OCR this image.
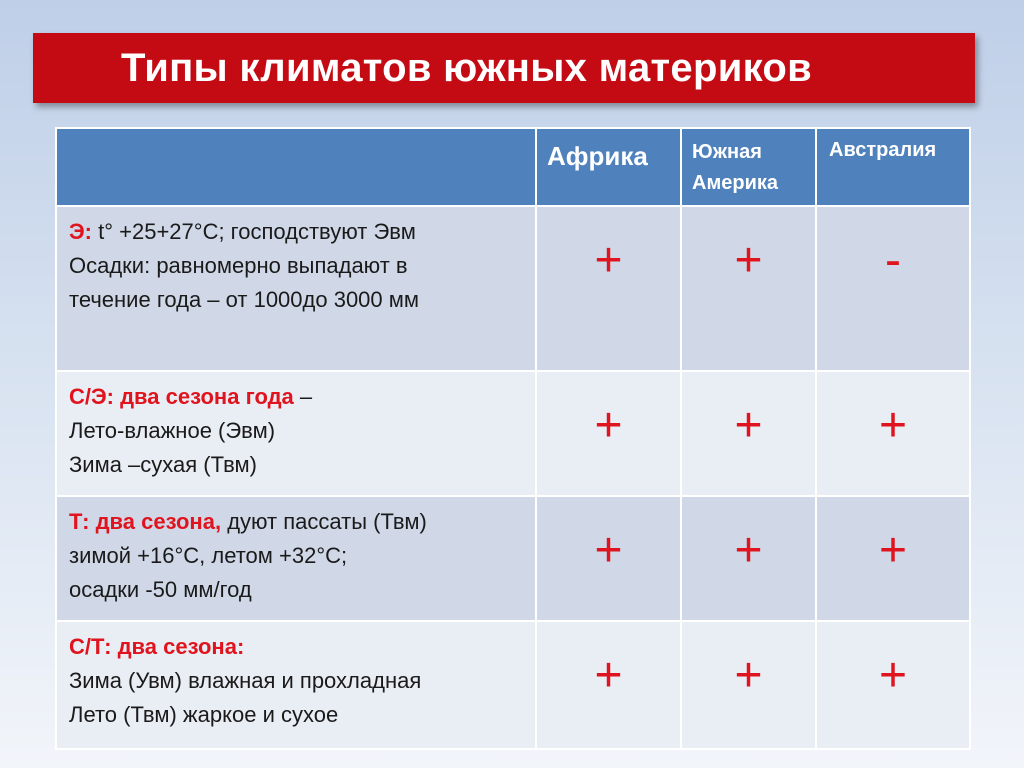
Типы климатов южных материков
	Африка	Южная
Америка	Австралия
Э: t° +25+27°С; господствуют Эвм
Осадки: равномерно выпадают в
течение года – от 1000до 3000 мм	+	+	-
С/Э: два сезона года –
Лето-влажное (Эвм)
Зима –сухая (Твм)	+	+	+
Т: два сезона, дуют пассаты (Твм)
зимой +16°С, летом +32°С;
осадки -50 мм/год	+	+	+
С/Т: два сезона:
Зима (Увм) влажная и прохладная
Лето (Твм) жаркое и сухое	+	+	+
